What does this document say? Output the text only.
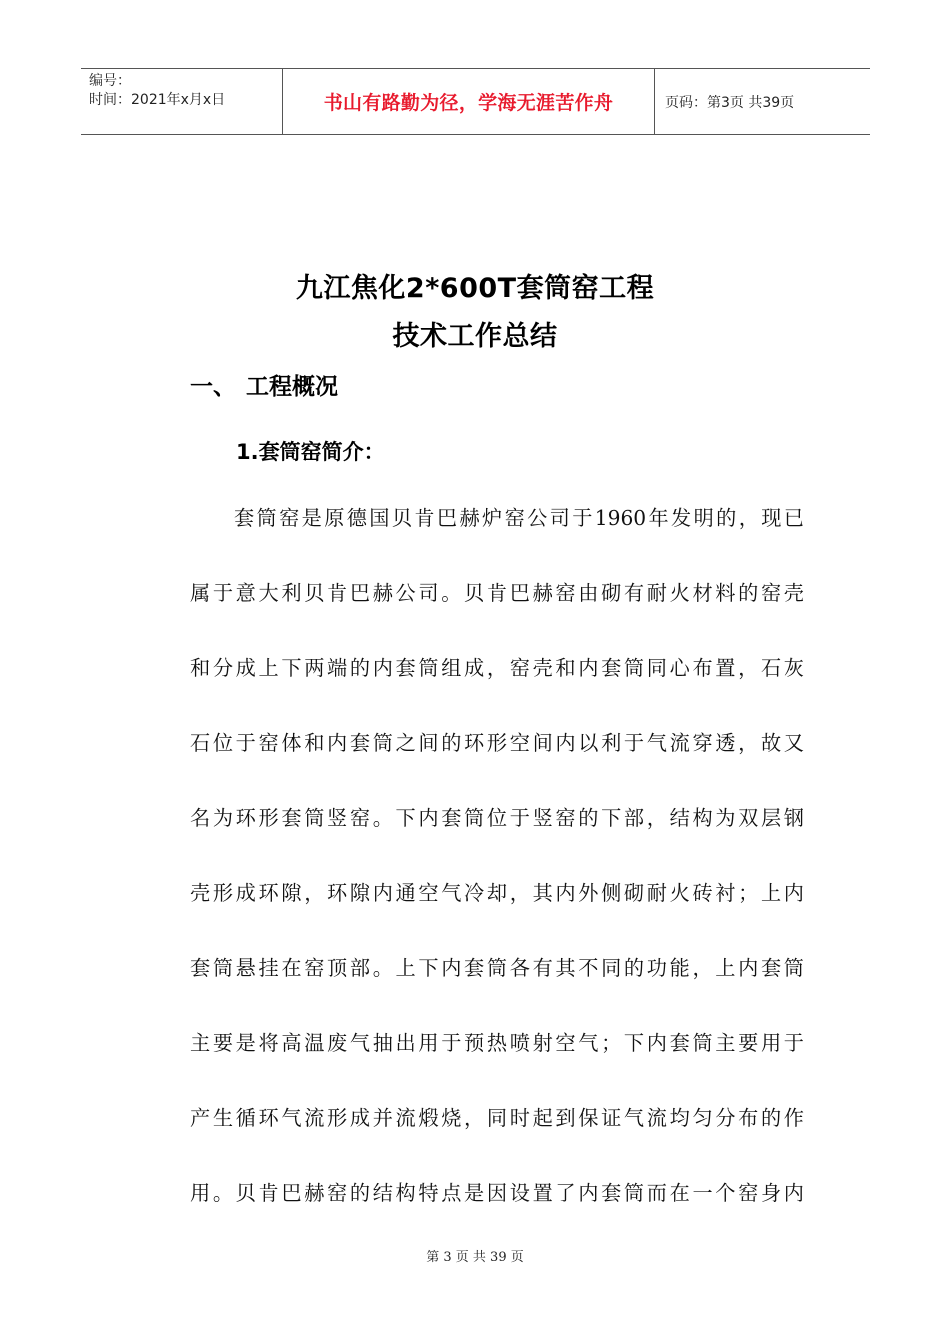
编号：
时间：2021年x月x日	书山有路勤为径，学海无涯苦作舟	页码：第3页 共39页
九江焦化2*600T套筒窑工程
技术工作总结
一、 工程概况
1.套筒窑简介：
套筒窑是原德国贝肯巴赫炉窑公司于1960年发明的，现已
属于意大利贝肯巴赫公司。贝肯巴赫窑由砌有耐火材料的窑壳
和分成上下两端的内套筒组成，窑壳和内套筒同心布置，石灰
石位于窑体和内套筒之间的环形空间内以利于气流穿透，故又
名为环形套筒竖窑。下内套筒位于竖窑的下部，结构为双层钢
壳形成环隙，环隙内通空气冷却，其内外侧砌耐火砖衬；上内
套筒悬挂在窑顶部。上下内套筒各有其不同的功能，上内套筒
主要是将高温废气抽出用于预热喷射空气；下内套筒主要用于
产生循环气流形成并流煅烧，同时起到保证气流均匀分布的作
用。贝肯巴赫窑的结构特点是因设置了内套筒而在一个窑身内
第 3 页 共 39 页
